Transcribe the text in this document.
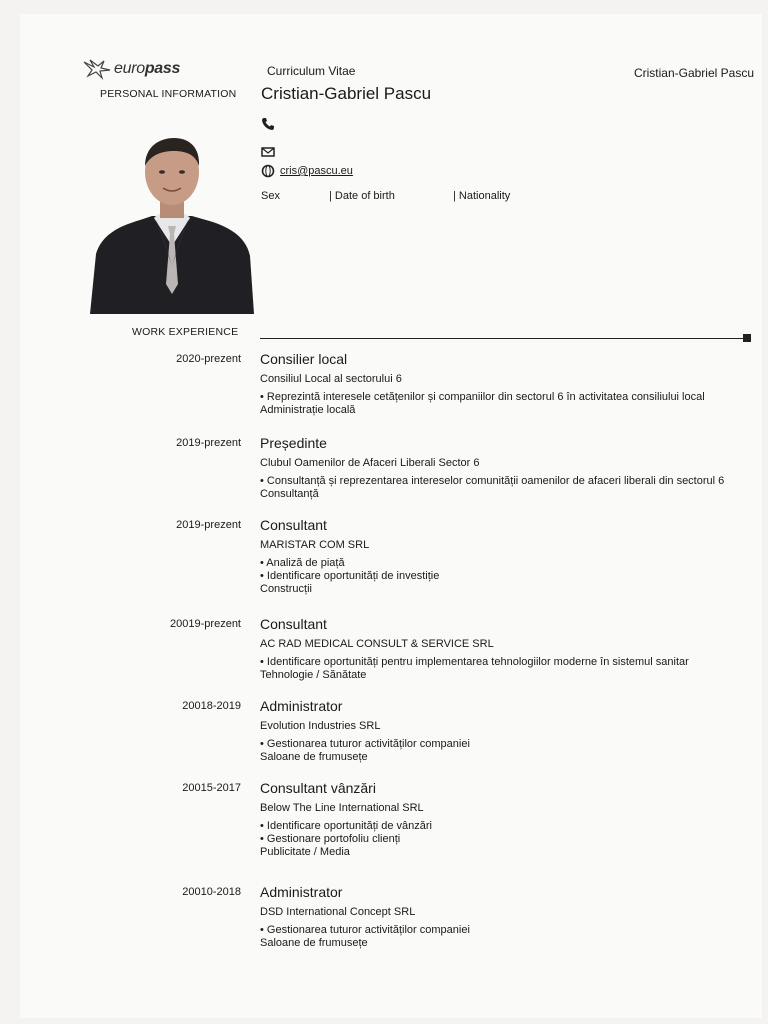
europass	Curriculum Vitae	Cristian-Gabriel Pascu
PERSONAL INFORMATION Cristian-Gabriel Pascu
cris@pascu.eu
Sex	| Date of birth	| Nationality
WORK EXPERIENCE
2020-prezent Consilier local
Consiliul Local al sectorului 6
• Reprezintă interesele cetățenilor și companiilor din sectorul 6 în activitatea consiliului local
Administrație locală
2019-prezent Președinte
Clubul Oamenilor de Afaceri Liberali Sector 6
• Consultanță și reprezentarea intereselor comunității oamenilor de afaceri liberali din sectorul 6
Consultanță
2019-prezent Consultant
MARISTAR COM SRL
• Analiză de piață
• Identificare oportunități de investiție
Construcții
20019-prezent Consultant
AC RAD MEDICAL CONSULT & SERVICE SRL
• Identificare oportunități pentru implementarea tehnologiilor moderne în sistemul sanitar
Tehnologie / Sănătate
20018-2019 Administrator
Evolution Industries SRL
• Gestionarea tuturor activităților companiei
Saloane de frumusețe
20015-2017 Consultant vânzări
Below The Line International SRL
• Identificare oportunități de vânzări
• Gestionare portofoliu clienți
Publicitate / Media
20010-2018 Administrator
DSD International Concept SRL
• Gestionarea tuturor activităților companiei
Saloane de frumusețe
